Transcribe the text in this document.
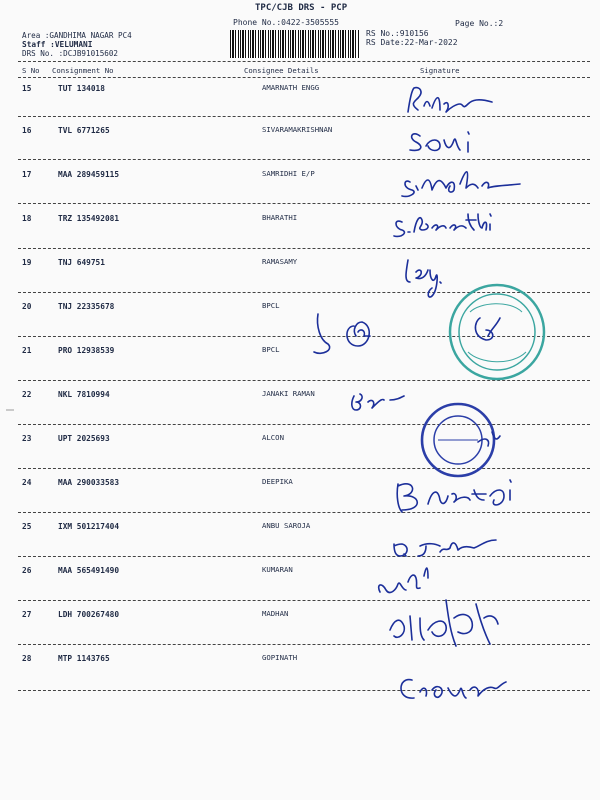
TPC/CJB DRS - PCP
Phone No.:0422-3505555	Page No.:2
Area :GANDHIMA NAGAR PC4
Staff :VELUMANI
DRS No. :DCJB91015602
RS No.:910156
RS Date:22-Mar-2022
S No Consignment No	Consignee Details	Signature
15	TUT 134018	AMARNATH ENGG
16	TVL 6771265	SIVARAMAKRISHNAN
17	MAA 289459115	SAMRIDHI E/P
18	TRZ 135492081	BHARATHI
19	TNJ 649751	RAMASAMY
20	TNJ 22335678	BPCL
21	PRO 12938539	BPCL
22	NKL 7810994	JANAKI RAMAN
23	UPT 2025693	ALCON
24	MAA 290033583	DEEPIKA
25	IXM 501217404	ANBU SAROJA
26	MAA 565491490	KUMARAN
27	LDH 700267480	MADHAN
28	MTP 1143765	GOPINATH
